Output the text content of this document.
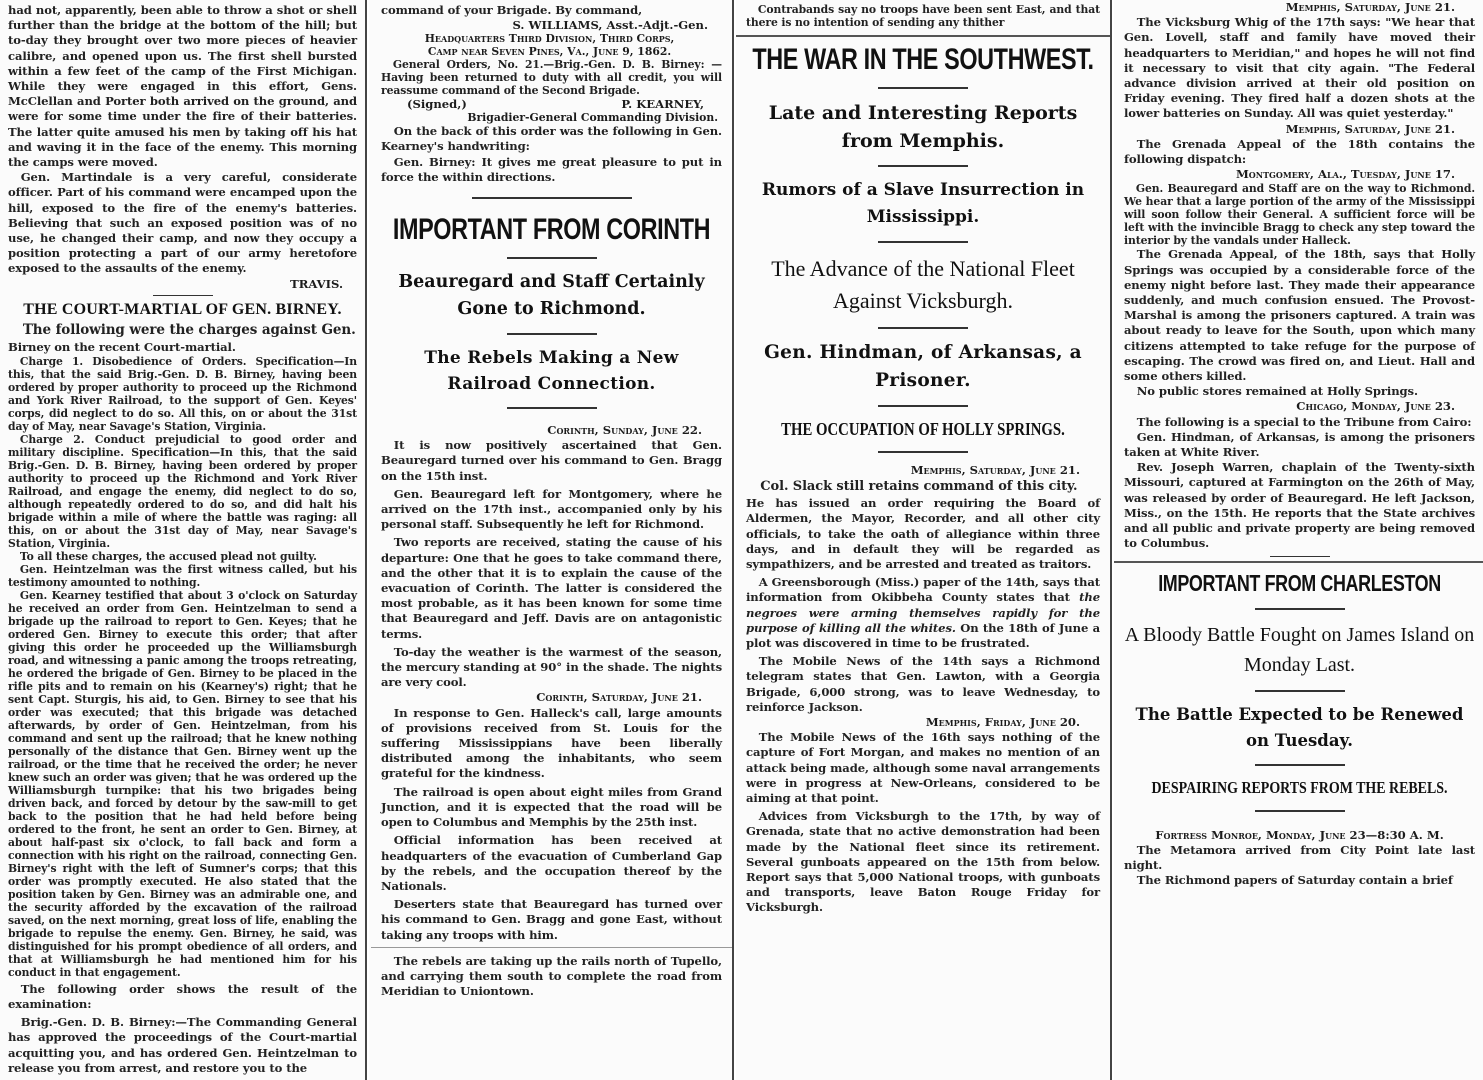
had not, apparently, been able to throw a shot or shell further than the bridge at the bottom of the hill; but to-day they brought over two more pieces of heavier calibre, and opened upon us. The first shell bursted within a few feet of the camp of the First Michigan. While they were engaged in this effort, Gens. McClellan and Porter both arrived on the ground, and were for some time under the fire of their batteries. The latter quite amused his men by taking off his hat and waving it in the face of the enemy. This morning the camps were moved.

Gen. Martindale is a very careful, considerate officer. Part of his command were encamped upon the hill, exposed to the fire of the enemy's batteries. Believing that such an exposed position was of no use, he changed their camp, and now they occupy a position protecting a part of our army heretofore exposed to the assaults of the enemy.

TRAVIS.
THE COURT-MARTIAL OF GEN. BIRNEY.

The following were the charges against Gen.

Birney on the recent Court-martial.

Charge 1. Disobedience of Orders. Specification—In this, that the said Brig.-Gen. D. B. Birney, having been ordered by proper authority to proceed up the Richmond and York River Railroad, to the support of Gen. Keyes' corps, did neglect to do so. All this, on or about the 31st day of May, near Savage's Station, Virginia.

Charge 2. Conduct prejudicial to good order and military discipline. Specification—In this, that the said Brig.-Gen. D. B. Birney, having been ordered by proper authority to proceed up the Richmond and York River Railroad, and engage the enemy, did neglect to do so, although repeatedly ordered to do so, and did halt his brigade within a mile of where the battle was raging: all this, on or about the 31st day of May, near Savage's Station, Virginia.

To all these charges, the accused plead not guilty.

Gen. Heintzelman was the first witness called, but his testimony amounted to nothing.

Gen. Kearney testified that about 3 o'clock on Saturday he received an order from Gen. Heintzelman to send a brigade up the railroad to report to Gen. Keyes; that he ordered Gen. Birney to execute this order; that after giving this order he proceeded up the Williamsburgh road, and witnessing a panic among the troops retreating, he ordered the brigade of Gen. Birney to be placed in the rifle pits and to remain on his (Kearney's) right; that he sent Capt. Sturgis, his aid, to Gen. Birney to see that his order was executed; that this brigade was detached afterwards, by order of Gen. Heintzelman, from his command and sent up the railroad; that he knew nothing personally of the distance that Gen. Birney went up the railroad, or the time that he received the order; he never knew such an order was given; that he was ordered up the Williamsburgh turnpike: that his two brigades being driven back, and forced by detour by the saw-mill to get back to the position that he had held before being ordered to the front, he sent an order to Gen. Birney, at about half-past six o'clock, to fall back and form a connection with his right on the railroad, connecting Gen. Birney's right with the left of Sumner's corps; that this order was promptly executed. He also stated that the position taken by Gen. Birney was an admirable one, and the security afforded by the excavation of the railroad saved, on the next morning, great loss of life, enabling the brigade to repulse the enemy. Gen. Birney, he said, was distinguished for his prompt obedience of all orders, and that at Williamsburgh he had mentioned him for his conduct in that engagement.

The following order shows the result of the examination:

Brig.-Gen. D. B. Birney:—The Commanding General has approved the proceedings of the Court-martial acquitting you, and has ordered Gen. Heintzelman to release you from arrest, and restore you to the

command of your Brigade. By command,

S. WILLIAMS, Asst.-Adjt.-Gen.
Headquarters Third Division, Third Corps,
Camp near Seven Pines, Va., June 9, 1862.

General Orders, No. 21.—Brig.-Gen. D. B. Birney: —Having been returned to duty with all credit, you will reassume command of the Second Brigade.

(Signed,)	P. KEARNEY,
Brigadier-General Commanding Division.

On the back of this order was the following in Gen. Kearney's handwriting:

Gen. Birney: It gives me great pleasure to put in force the within directions.

IMPORTANT FROM CORINTH
Beauregard and Staff Certainly Gone to Richmond.
The Rebels Making a New Railroad Connection.
Corinth, Sunday, June 22.

It is now positively ascertained that Gen. Beauregard turned over his command to Gen. Bragg on the 15th inst.

Gen. Beauregard left for Montgomery, where he arrived on the 17th inst., accompanied only by his personal staff. Subsequently he left for Richmond.

Two reports are received, stating the cause of his departure: One that he goes to take command there, and the other that it is to explain the cause of the evacuation of Corinth. The latter is considered the most probable, as it has been known for some time that Beauregard and Jeff. Davis are on antagonistic terms.

To-day the weather is the warmest of the season, the mercury standing at 90° in the shade. The nights are very cool.

Corinth, Saturday, June 21.

In response to Gen. Halleck's call, large amounts of provisions received from St. Louis for the suffering Mississippians have been liberally distributed among the inhabitants, who seem grateful for the kindness.

The railroad is open about eight miles from Grand Junction, and it is expected that the road will be open to Columbus and Memphis by the 25th inst.

Official information has been received at headquarters of the evacuation of Cumberland Gap by the rebels, and the occupation thereof by the Nationals.

Deserters state that Beauregard has turned over his command to Gen. Bragg and gone East, without taking any troops with him.

The rebels are taking up the rails north of Tupello, and carrying them south to complete the road from Meridian to Uniontown.

Contrabands say no troops have been sent East, and that there is no intention of sending any thither

THE WAR IN THE SOUTHWEST.
Late and Interesting Reports from Memphis.
Rumors of a Slave Insurrection in Mississippi.
The Advance of the National Fleet Against Vicksburgh.
Gen. Hindman, of Arkansas, a Prisoner.
THE OCCUPATION OF HOLLY SPRINGS.
Memphis, Saturday, June 21.

Col. Slack still retains command of this city.

He has issued an order requiring the Board of Aldermen, the Mayor, Recorder, and all other city officials, to take the oath of allegiance within three days, and in default they will be regarded as sympathizers, and be arrested and treated as traitors.

A Greensborough (Miss.) paper of the 14th, says that information from Okibbeha County states that the negroes were arming themselves rapidly for the purpose of killing all the whites. On the 18th of June a plot was discovered in time to be frustrated.

The Mobile News of the 14th says a Richmond telegram states that Gen. Lawton, with a Georgia Brigade, 6,000 strong, was to leave Wednesday, to reinforce Jackson.

Memphis, Friday, June 20.

The Mobile News of the 16th says nothing of the capture of Fort Morgan, and makes no mention of an attack being made, although some naval arrangements were in progress at New-Orleans, considered to be aiming at that point.

Advices from Vicksburgh to the 17th, by way of Grenada, state that no active demonstration had been made by the National fleet since its retirement. Several gunboats appeared on the 15th from below. Report says that 5,000 National troops, with gunboats and transports, leave Baton Rouge Friday for Vicksburgh.

Memphis, Saturday, June 21.

The Vicksburg Whig of the 17th says: "We hear that Gen. Lovell, staff and family have moved their headquarters to Meridian," and hopes he will not find it necessary to visit that city again. "The Federal advance division arrived at their old position on Friday evening. They fired half a dozen shots at the lower batteries on Sunday. All was quiet yesterday."

Memphis, Saturday, June 21.

The Grenada Appeal of the 18th contains the following dispatch:

Montgomery, Ala., Tuesday, June 17.

Gen. Beauregard and Staff are on the way to Richmond. We hear that a large portion of the army of the Mississippi will soon follow their General. A sufficient force will be left with the invincible Bragg to check any step toward the interior by the vandals under Halleck.

The Grenada Appeal, of the 18th, says that Holly Springs was occupied by a considerable force of the enemy night before last. They made their appearance suddenly, and much confusion ensued. The Provost-Marshal is among the prisoners captured. A train was about ready to leave for the South, upon which many citizens attempted to take refuge for the purpose of escaping. The crowd was fired on, and Lieut. Hall and some others killed.

No public stores remained at Holly Springs.

Chicago, Monday, June 23.

The following is a special to the Tribune from Cairo:

Gen. Hindman, of Arkansas, is among the prisoners taken at White River.

Rev. Joseph Warren, chaplain of the Twenty-sixth Missouri, captured at Farmington on the 26th of May, was released by order of Beauregard. He left Jackson, Miss., on the 15th. He reports that the State archives and all public and private property are being removed to Columbus.

IMPORTANT FROM CHARLESTON
A Bloody Battle Fought on James Island on Monday Last.
The Battle Expected to be Renewed on Tuesday.
DESPAIRING REPORTS FROM THE REBELS.
Fortress Monroe, Monday, June 23—8:30 A. M.

The Metamora arrived from City Point late last night.

The Richmond papers of Saturday contain a brief
